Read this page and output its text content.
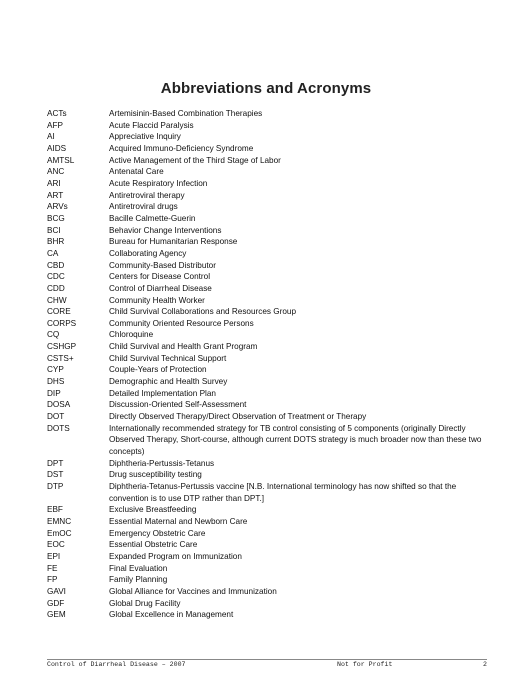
Abbreviations and Acronyms
ACTs	Artemisinin-Based Combination Therapies
AFP	Acute Flaccid Paralysis
AI	Appreciative Inquiry
AIDS	Acquired Immuno-Deficiency Syndrome
AMTSL	Active Management of the Third Stage of Labor
ANC	Antenatal Care
ARI	Acute Respiratory Infection
ART	Antiretroviral therapy
ARVs	Antiretroviral drugs
BCG	Bacille Calmette-Guerin
BCI	Behavior Change Interventions
BHR	Bureau for Humanitarian Response
CA	Collaborating Agency
CBD	Community-Based Distributor
CDC	Centers for Disease Control
CDD	Control of Diarrheal Disease
CHW	Community Health Worker
CORE	Child Survival Collaborations and Resources Group
CORPS	Community Oriented Resource Persons
CQ	Chloroquine
CSHGP	Child Survival and Health Grant Program
CSTS+	Child Survival Technical Support
CYP	Couple-Years of Protection
DHS	Demographic and Health Survey
DIP	Detailed Implementation Plan
DOSA	Discussion-Oriented Self-Assessment
DOT	Directly Observed Therapy/Direct Observation of Treatment or Therapy
DOTS	Internationally recommended strategy for TB control consisting of 5 components (originally Directly Observed Therapy, Short-course, although current DOTS strategy is much broader now than these two concepts)
DPT	Diphtheria-Pertussis-Tetanus
DST	Drug susceptibility testing
DTP	Diphtheria-Tetanus-Pertussis vaccine [N.B. International terminology has now shifted so that the convention is to use DTP rather than DPT.]
EBF	Exclusive Breastfeeding
EMNC	Essential Maternal and Newborn Care
EmOC	Emergency Obstetric Care
EOC	Essential Obstetric Care
EPI	Expanded Program on Immunization
FE	Final Evaluation
FP	Family Planning
GAVI	Global Alliance for Vaccines and Immunization
GDF	Global Drug Facility
GEM	Global Excellence in Management
Control of Diarrheal Disease – 2007	Not for Profit	2
